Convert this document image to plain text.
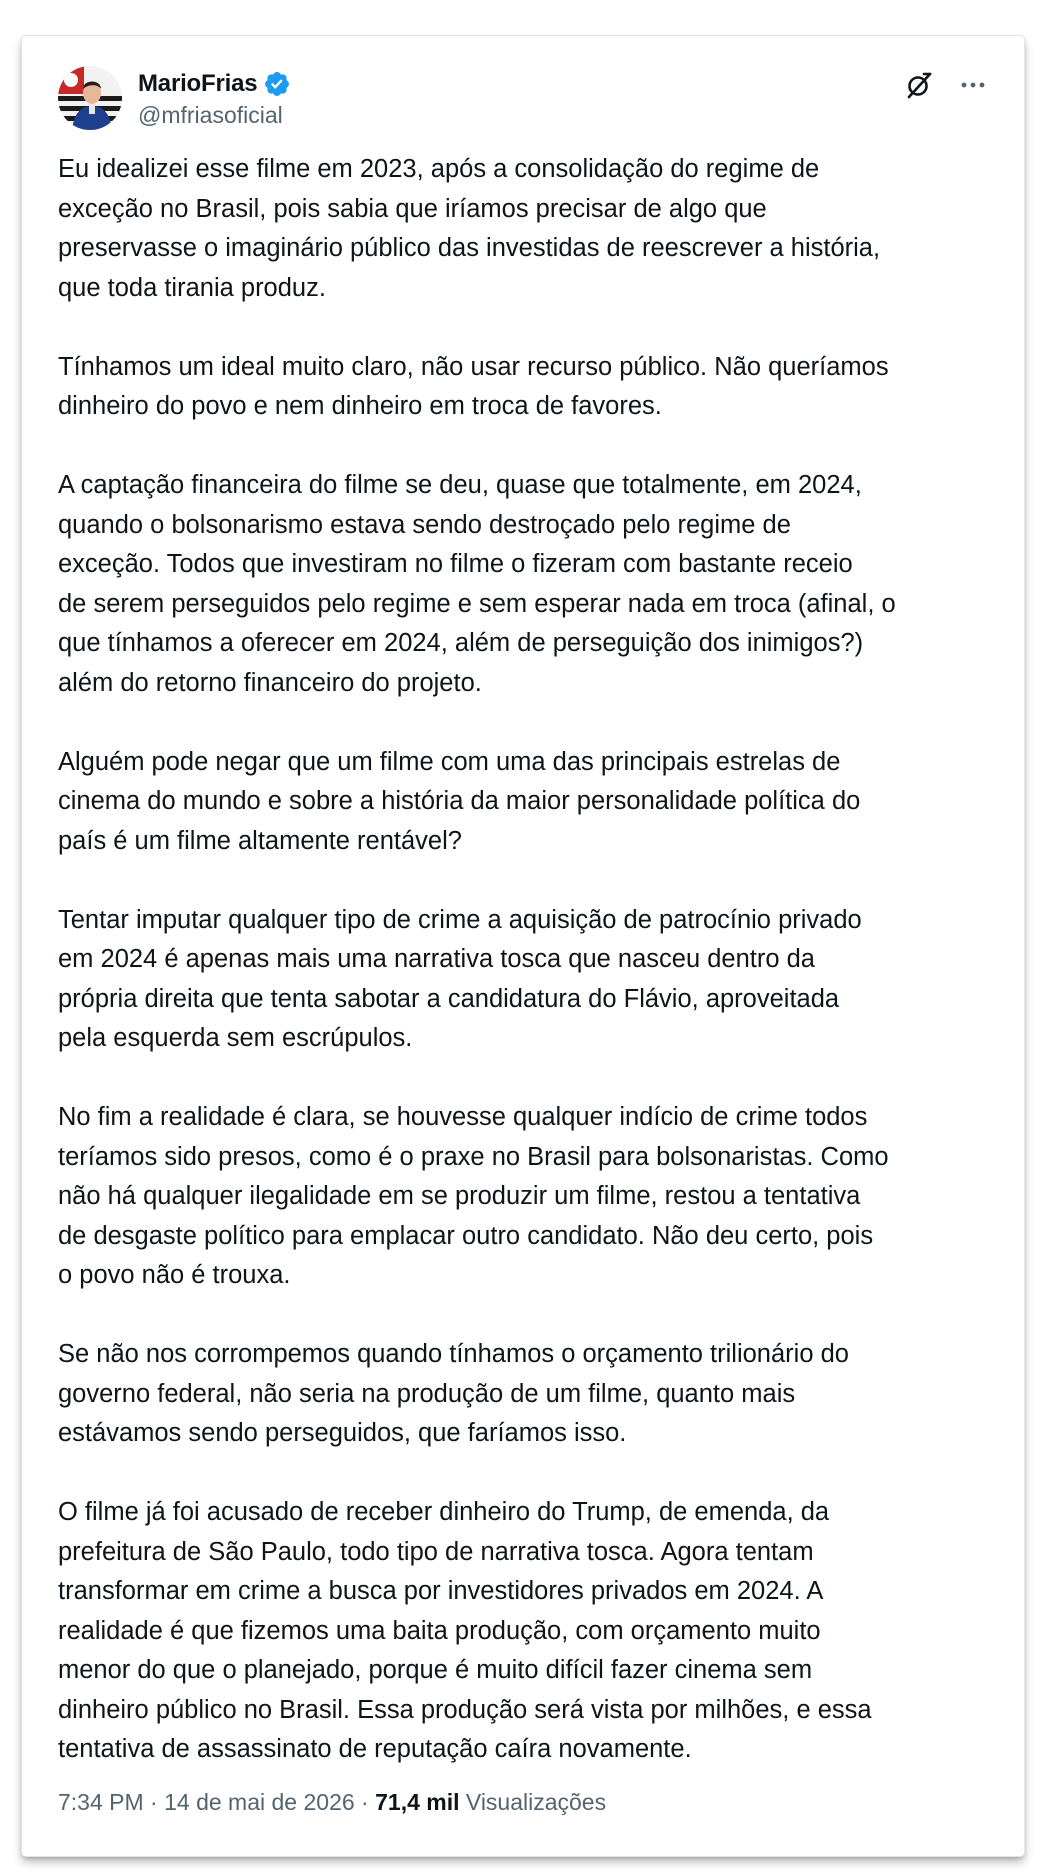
MarioFrias
@mfriasoficial

Eu idealizei esse filme em 2023, após a consolidação do regime de
exceção no Brasil, pois sabia que iríamos precisar de algo que
preservasse o imaginário público das investidas de reescrever a história,
que toda tirania produz.

Tínhamos um ideal muito claro, não usar recurso público. Não queríamos
dinheiro do povo e nem dinheiro em troca de favores.

A captação financeira do filme se deu, quase que totalmente, em 2024,
quando o bolsonarismo estava sendo destroçado pelo regime de
exceção. Todos que investiram no filme o fizeram com bastante receio
de serem perseguidos pelo regime e sem esperar nada em troca (afinal, o
que tínhamos a oferecer em 2024, além de perseguição dos inimigos?)
além do retorno financeiro do projeto.

Alguém pode negar que um filme com uma das principais estrelas de
cinema do mundo e sobre a história da maior personalidade política do
país é um filme altamente rentável?

Tentar imputar qualquer tipo de crime a aquisição de patrocínio privado
em 2024 é apenas mais uma narrativa tosca que nasceu dentro da
própria direita que tenta sabotar a candidatura do Flávio, aproveitada
pela esquerda sem escrúpulos.

No fim a realidade é clara, se houvesse qualquer indício de crime todos
teríamos sido presos, como é o praxe no Brasil para bolsonaristas. Como
não há qualquer ilegalidade em se produzir um filme, restou a tentativa
de desgaste político para emplacar outro candidato. Não deu certo, pois
o povo não é trouxa.

Se não nos corrompemos quando tínhamos o orçamento trilionário do
governo federal, não seria na produção de um filme, quanto mais
estávamos sendo perseguidos, que faríamos isso.

O filme já foi acusado de receber dinheiro do Trump, de emenda, da
prefeitura de São Paulo, todo tipo de narrativa tosca. Agora tentam
transformar em crime a busca por investidores privados em 2024. A
realidade é que fizemos uma baita produção, com orçamento muito
menor do que o planejado, porque é muito difícil fazer cinema sem
dinheiro público no Brasil. Essa produção será vista por milhões, e essa
tentativa de assassinato de reputação caíra novamente.

7:34 PM · 14 de mai de 2026 · 71,4 mil Visualizações
